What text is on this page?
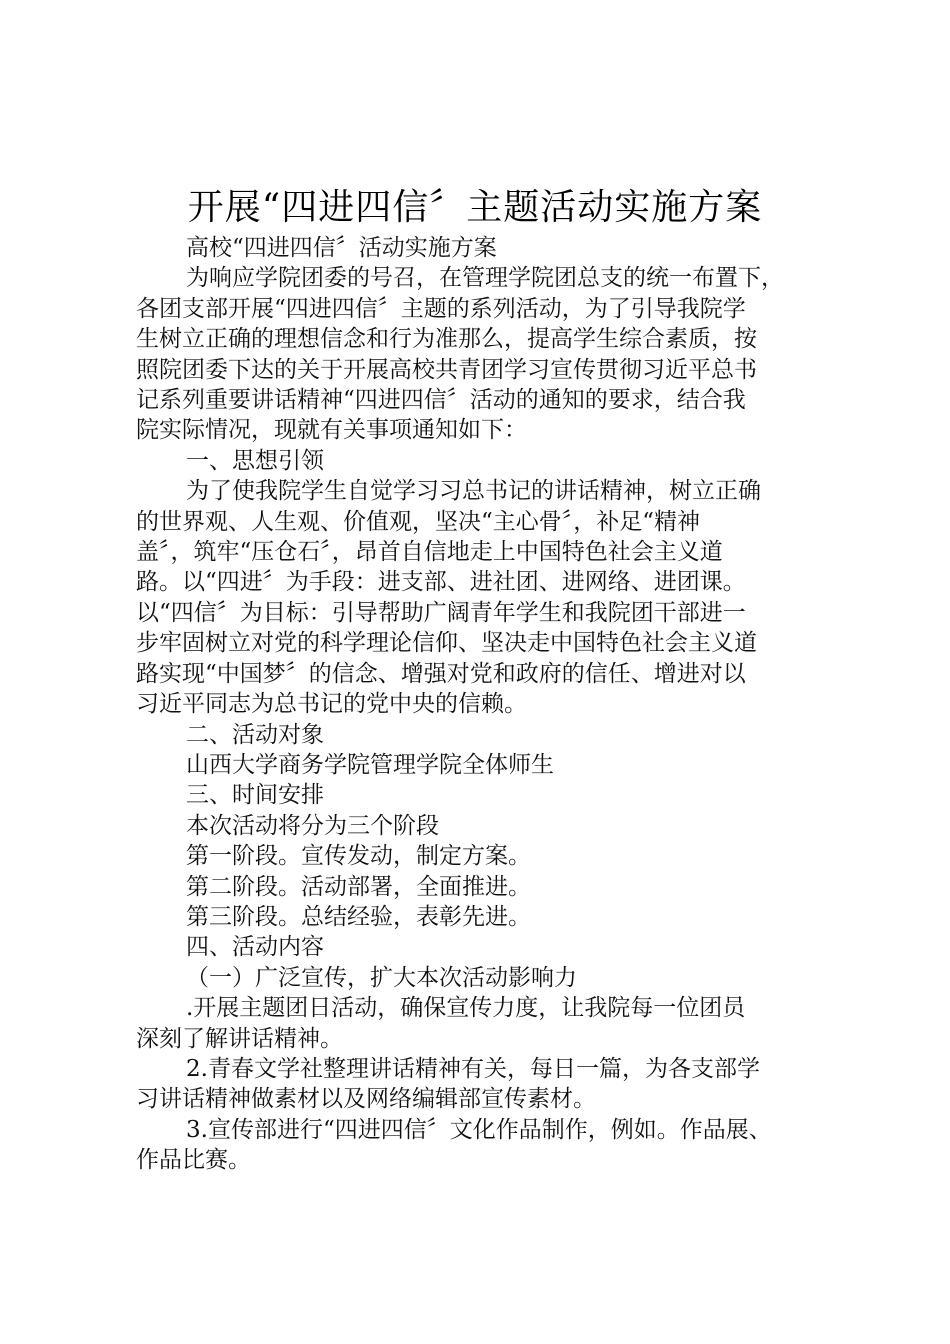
开展“四进四信〞主题活动实施方案
高校“四进四信〞活动实施方案
为响应学院团委的号召，在管理学院团总支的统一布置下，
各团支部开展“四进四信〞主题的系列活动，为了引导我院学
生树立正确的理想信念和行为准那么，提高学生综合素质，按
照院团委下达的关于开展高校共青团学习宣传贯彻习近平总书
记系列重要讲话精神“四进四信〞活动的通知的要求，结合我
院实际情况，现就有关事项通知如下：
一、思想引领
为了使我院学生自觉学习习总书记的讲话精神，树立正确
的世界观、人生观、价值观，坚决“主心骨〞，补足“精神
盖〞，筑牢“压仓石〞，昂首自信地走上中国特色社会主义道
路。以“四进〞为手段：进支部、进社团、进网络、进团课。
以“四信〞为目标：引导帮助广阔青年学生和我院团干部进一
步牢固树立对党的科学理论信仰、坚决走中国特色社会主义道
路实现“中国梦〞的信念、增强对党和政府的信任、增进对以
习近平同志为总书记的党中央的信赖。
二、活动对象
山西大学商务学院管理学院全体师生
三、时间安排
本次活动将分为三个阶段
第一阶段。宣传发动，制定方案。
第二阶段。活动部署，全面推进。
第三阶段。总结经验，表彰先进。
四、活动内容
（一）广泛宣传，扩大本次活动影响力
.开展主题团日活动，确保宣传力度，让我院每一位团员
深刻了解讲话精神。
2.青春文学社整理讲话精神有关，每日一篇，为各支部学
习讲话精神做素材以及网络编辑部宣传素材。
3.宣传部进行“四进四信〞文化作品制作，例如。作品展、
作品比赛。
